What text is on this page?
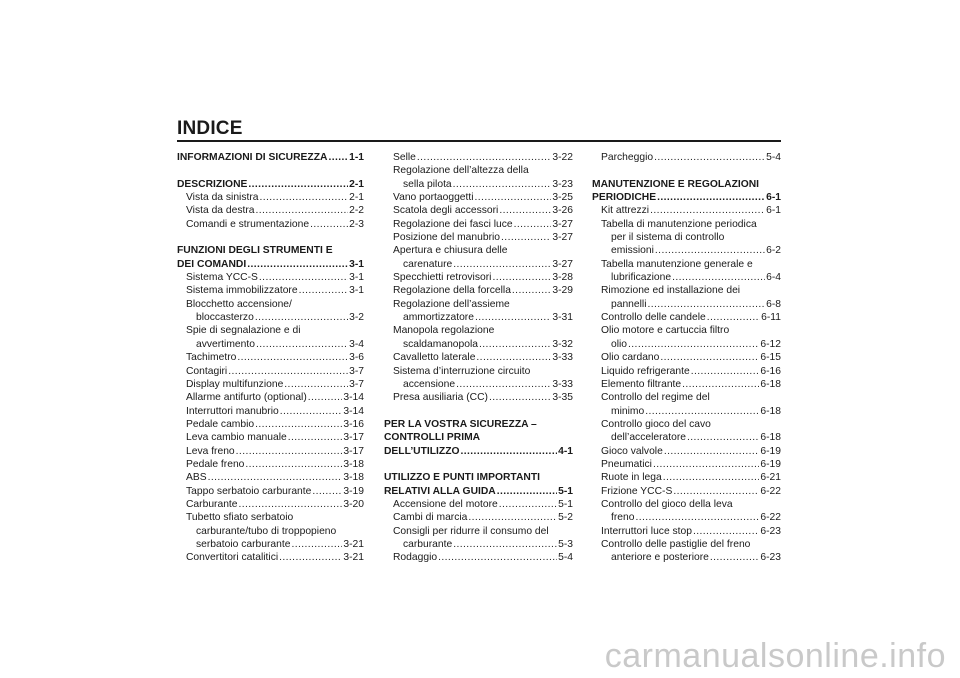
INDICE
INFORMAZIONI DI SICUREZZA ..... 1-1
DESCRIZIONE .....	2-1
Vista da sinistra .....	2-1
Vista da destra .....	2-2
Comandi e strumentazione .....	2-3
FUNZIONI DEGLI STRUMENTI E
DEI COMANDI .....	3-1
Sistema YCC-S .....	3-1
Sistema immobilizzatore .....	3-1
Blocchetto accensione/
bloccasterzo .....	3-2
Spie di segnalazione e di
avvertimento .....	3-4
Tachimetro .....	3-6
Contagiri .....	3-7
Display multifunzione .....	3-7
Allarme antifurto (optional) .....	3-14
Interruttori manubrio .....	3-14
Pedale cambio .....	3-16
Leva cambio manuale .....	3-17
Leva freno .....	3-17
Pedale freno .....	3-18
ABS .....	3-18
Tappo serbatoio carburante .....	3-19
Carburante .....	3-20
Tubetto sfiato serbatoio
carburante/tubo di troppopieno
serbatoio carburante .....	3-21
Convertitori catalitici .....	3-21
Selle .....	3-22
Regolazione dell’altezza della
sella pilota .....	3-23
Vano portaoggetti .....	3-25
Scatola degli accessori .....	3-26
Regolazione dei fasci luce .....	3-27
Posizione del manubrio .....	3-27
Apertura e chiusura delle
carenature .....	3-27
Specchietti retrovisori .....	3-28
Regolazione della forcella .....	3-29
Regolazione dell’assieme
ammortizzatore .....	3-31
Manopola regolazione
scaldamanopola .....	3-32
Cavalletto laterale .....	3-33
Sistema d’interruzione circuito
accensione .....	3-33
Presa ausiliaria (CC) .....	3-35
PER LA VOSTRA SICUREZZA –
CONTROLLI PRIMA
DELL’UTILIZZO .....	4-1
UTILIZZO E PUNTI IMPORTANTI
RELATIVI ALLA GUIDA .....	5-1
Accensione del motore .....	5-1
Cambi di marcia .....	5-2
Consigli per ridurre il consumo del
carburante .....	5-3
Rodaggio .....	5-4
Parcheggio .....	5-4
MANUTENZIONE E REGOLAZIONI
PERIODICHE .....	6-1
Kit attrezzi .....	6-1
Tabella di manutenzione periodica
per il sistema di controllo
emissioni .....	6-2
Tabella manutenzione generale e
lubrificazione .....	6-4
Rimozione ed installazione dei
pannelli .....	6-8
Controllo delle candele .....	6-11
Olio motore e cartuccia filtro
olio .....	6-12
Olio cardano .....	6-15
Liquido refrigerante .....	6-16
Elemento filtrante .....	6-18
Controllo del regime del
minimo .....	6-18
Controllo gioco del cavo
dell’acceleratore .....	6-18
Gioco valvole .....	6-19
Pneumatici .....	6-19
Ruote in lega .....	6-21
Frizione YCC-S .....	6-22
Controllo del gioco della leva
freno .....	6-22
Interruttori luce stop .....	6-23
Controllo delle pastiglie del freno
anteriore e posteriore .....	6-23
carmanualsonline.info
